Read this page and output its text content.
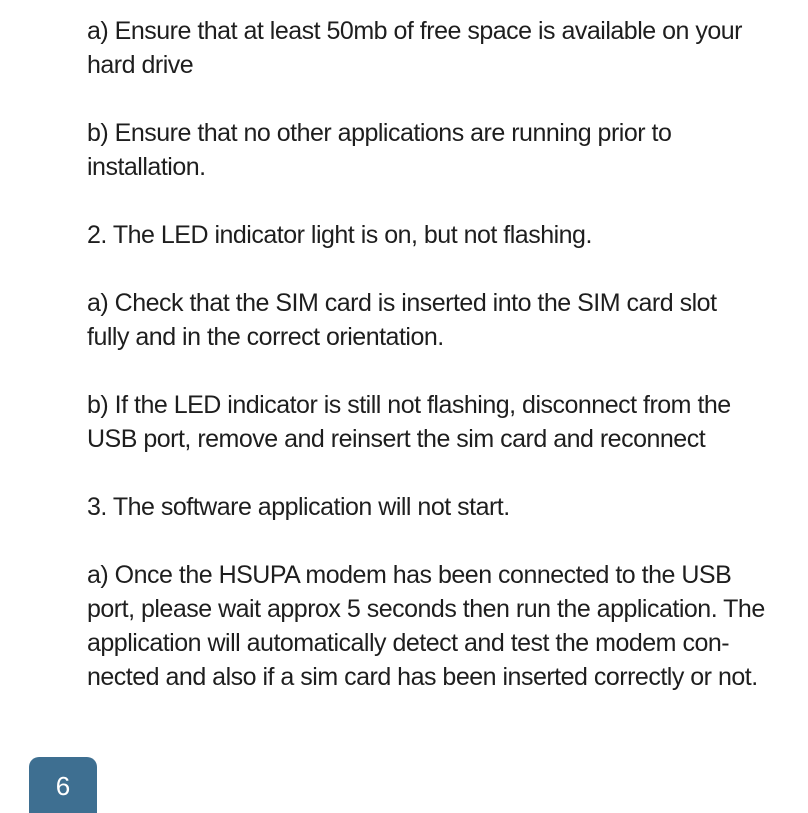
a) Ensure that at least 50mb of free space is available on your
hard drive

b) Ensure that no other applications are running prior to
installation.

2. The LED indicator light is on, but not flashing.

a) Check that the SIM card is inserted into the SIM card slot
fully and in the correct orientation.

b) If the LED indicator is still not flashing, disconnect from the
USB port, remove and reinsert the sim card and reconnect

3. The software application will not start.

a) Once the HSUPA modem has been connected to the USB
port, please wait approx 5 seconds then run the application. The
application will automatically detect and test the modem con-
nected and also if a sim card has been inserted correctly or not.

6
